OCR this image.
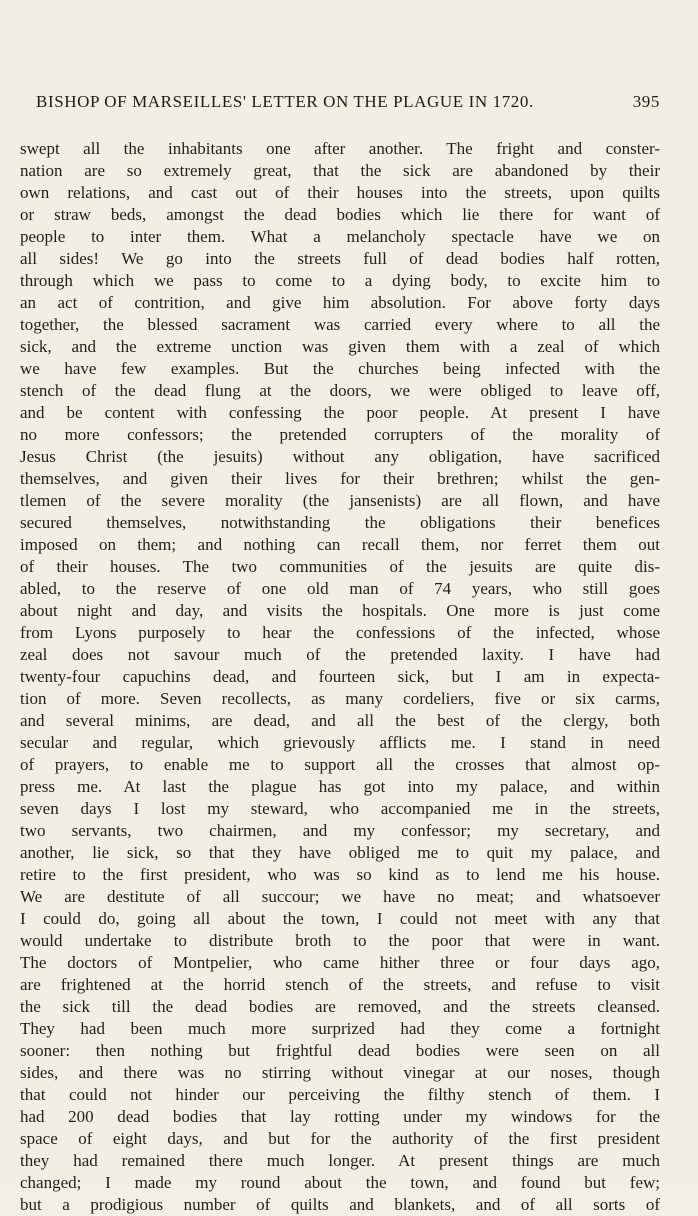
BISHOP OF MARSEILLES' LETTER ON THE PLAGUE IN 1720.	395
swept all the inhabitants one after another. The fright and conster-
nation are so extremely great, that the sick are abandoned by their
own relations, and cast out of their houses into the streets, upon quilts
or straw beds, amongst the dead bodies which lie there for want of
people to inter them. What a melancholy spectacle have we on
all sides! We go into the streets full of dead bodies half rotten,
through which we pass to come to a dying body, to excite him to
an act of contrition, and give him absolution. For above forty days
together, the blessed sacrament was carried every where to all the
sick, and the extreme unction was given them with a zeal of which
we have few examples. But the churches being infected with the
stench of the dead flung at the doors, we were obliged to leave off,
and be content with confessing the poor people. At present I have
no more confessors; the pretended corrupters of the morality of
Jesus Christ (the jesuits) without any obligation, have sacrificed
themselves, and given their lives for their brethren; whilst the gen-
tlemen of the severe morality (the jansenists) are all flown, and have
secured themselves, notwithstanding the obligations their benefices
imposed on them; and nothing can recall them, nor ferret them out
of their houses. The two communities of the jesuits are quite dis-
abled, to the reserve of one old man of 74 years, who still goes
about night and day, and visits the hospitals. One more is just come
from Lyons purposely to hear the confessions of the infected, whose
zeal does not savour much of the pretended laxity. I have had
twenty-four capuchins dead, and fourteen sick, but I am in expecta-
tion of more. Seven recollects, as many cordeliers, five or six carms,
and several minims, are dead, and all the best of the clergy, both
secular and regular, which grievously afflicts me. I stand in need
of prayers, to enable me to support all the crosses that almost op-
press me. At last the plague has got into my palace, and within
seven days I lost my steward, who accompanied me in the streets,
two servants, two chairmen, and my confessor; my secretary, and
another, lie sick, so that they have obliged me to quit my palace, and
retire to the first president, who was so kind as to lend me his house.
We are destitute of all succour; we have no meat; and whatsoever
I could do, going all about the town, I could not meet with any that
would undertake to distribute broth to the poor that were in want.
The doctors of Montpelier, who came hither three or four days ago,
are frightened at the horrid stench of the streets, and refuse to visit
the sick till the dead bodies are removed, and the streets cleansed.
They had been much more surprized had they come a fortnight
sooner: then nothing but frightful dead bodies were seen on all
sides, and there was no stirring without vinegar at our noses, though
that could not hinder our perceiving the filthy stench of them. I
had 200 dead bodies that lay rotting under my windows for the
space of eight days, and but for the authority of the first president
they had remained there much longer. At present things are much
changed; I made my round about the town, and found but few;
but a prodigious number of quilts and blankets, and of all sorts of
